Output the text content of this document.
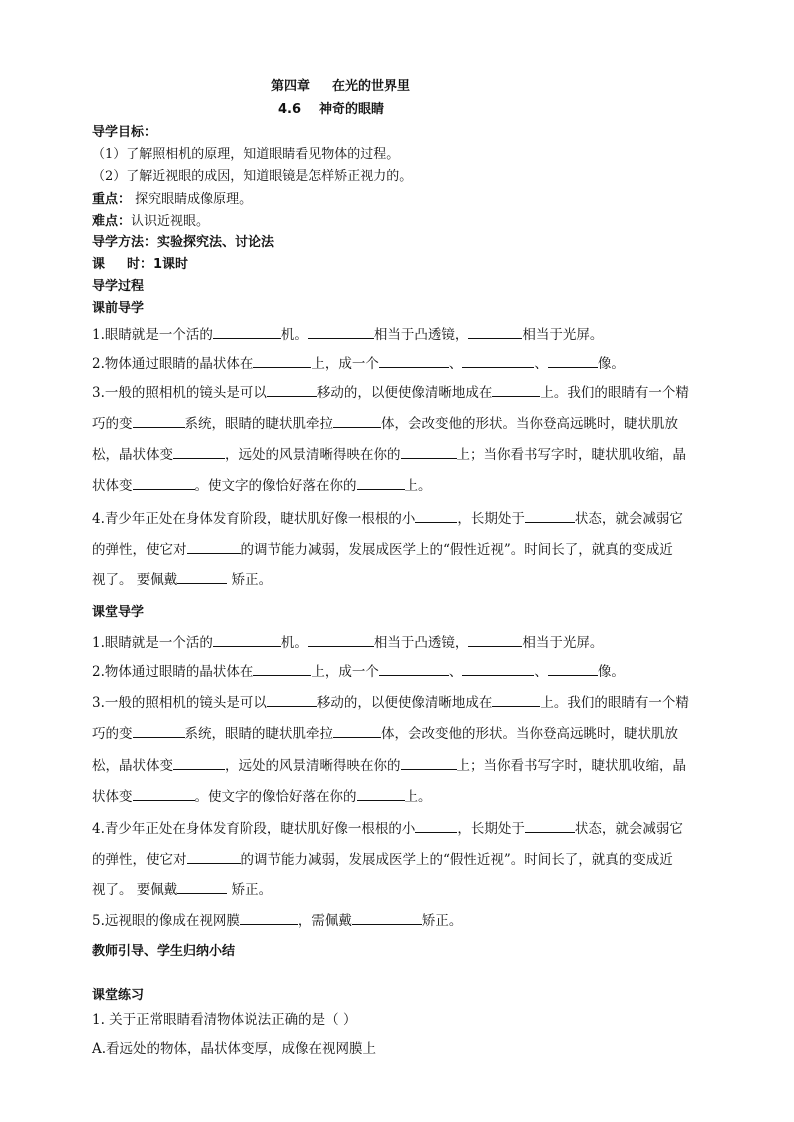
第四章 在光的世界里
4.6 神奇的眼睛
导学目标：
（1）了解照相机的原理，知道眼睛看见物体的过程。
（2）了解近视眼的成因，知道眼镜是怎样矫正视力的。
重点： 探究眼睛成像原理。
难点：认识近视眼。
导学方法：实验探究法、讨论法
课 时：1课时
导学过程
课前导学
1.眼睛就是一个活的	机。	相当于凸透镜，	相当于光屏。
2.物体通过眼睛的晶状体在	上，成一个	、	、	像。
3.一般的照相机的镜头是可以	移动的，以便使像清晰地成在	上。我们的眼睛有一个精
巧的变	系统，眼睛的睫状肌牵拉	体，会改变他的形状。当你登高远眺时，睫状肌放
松，晶状体变	，远处的风景清晰得映在你的	上；当你看书写字时，睫状肌收缩，晶
状体变	。使文字的像恰好落在你的	上。
4.青少年正处在身体发育阶段，睫状肌好像一根根的小	，长期处于	状态，就会减弱它
的弹性，使它对	的调节能力减弱，发展成医学上的“假性近视”。时间长了，就真的变成近
视了。 要佩戴	矫正。
课堂导学
1.眼睛就是一个活的	机。	相当于凸透镜，	相当于光屏。
2.物体通过眼睛的晶状体在	上，成一个	、	、	像。
3.一般的照相机的镜头是可以	移动的，以便使像清晰地成在	上。我们的眼睛有一个精
巧的变	系统，眼睛的睫状肌牵拉	体，会改变他的形状。当你登高远眺时，睫状肌放
松，晶状体变	，远处的风景清晰得映在你的	上；当你看书写字时，睫状肌收缩，晶
状体变	。使文字的像恰好落在你的	上。
4.青少年正处在身体发育阶段，睫状肌好像一根根的小	，长期处于	状态，就会减弱它
的弹性，使它对	的调节能力减弱，发展成医学上的“假性近视”。时间长了，就真的变成近
视了。 要佩戴	矫正。
5.远视眼的像成在视网膜	，需佩戴	矫正。
教师引导、学生归纳小结
课堂练习
1. 关于正常眼睛看清物体说法正确的是（ ）
A.看远处的物体，晶状体变厚，成像在视网膜上
